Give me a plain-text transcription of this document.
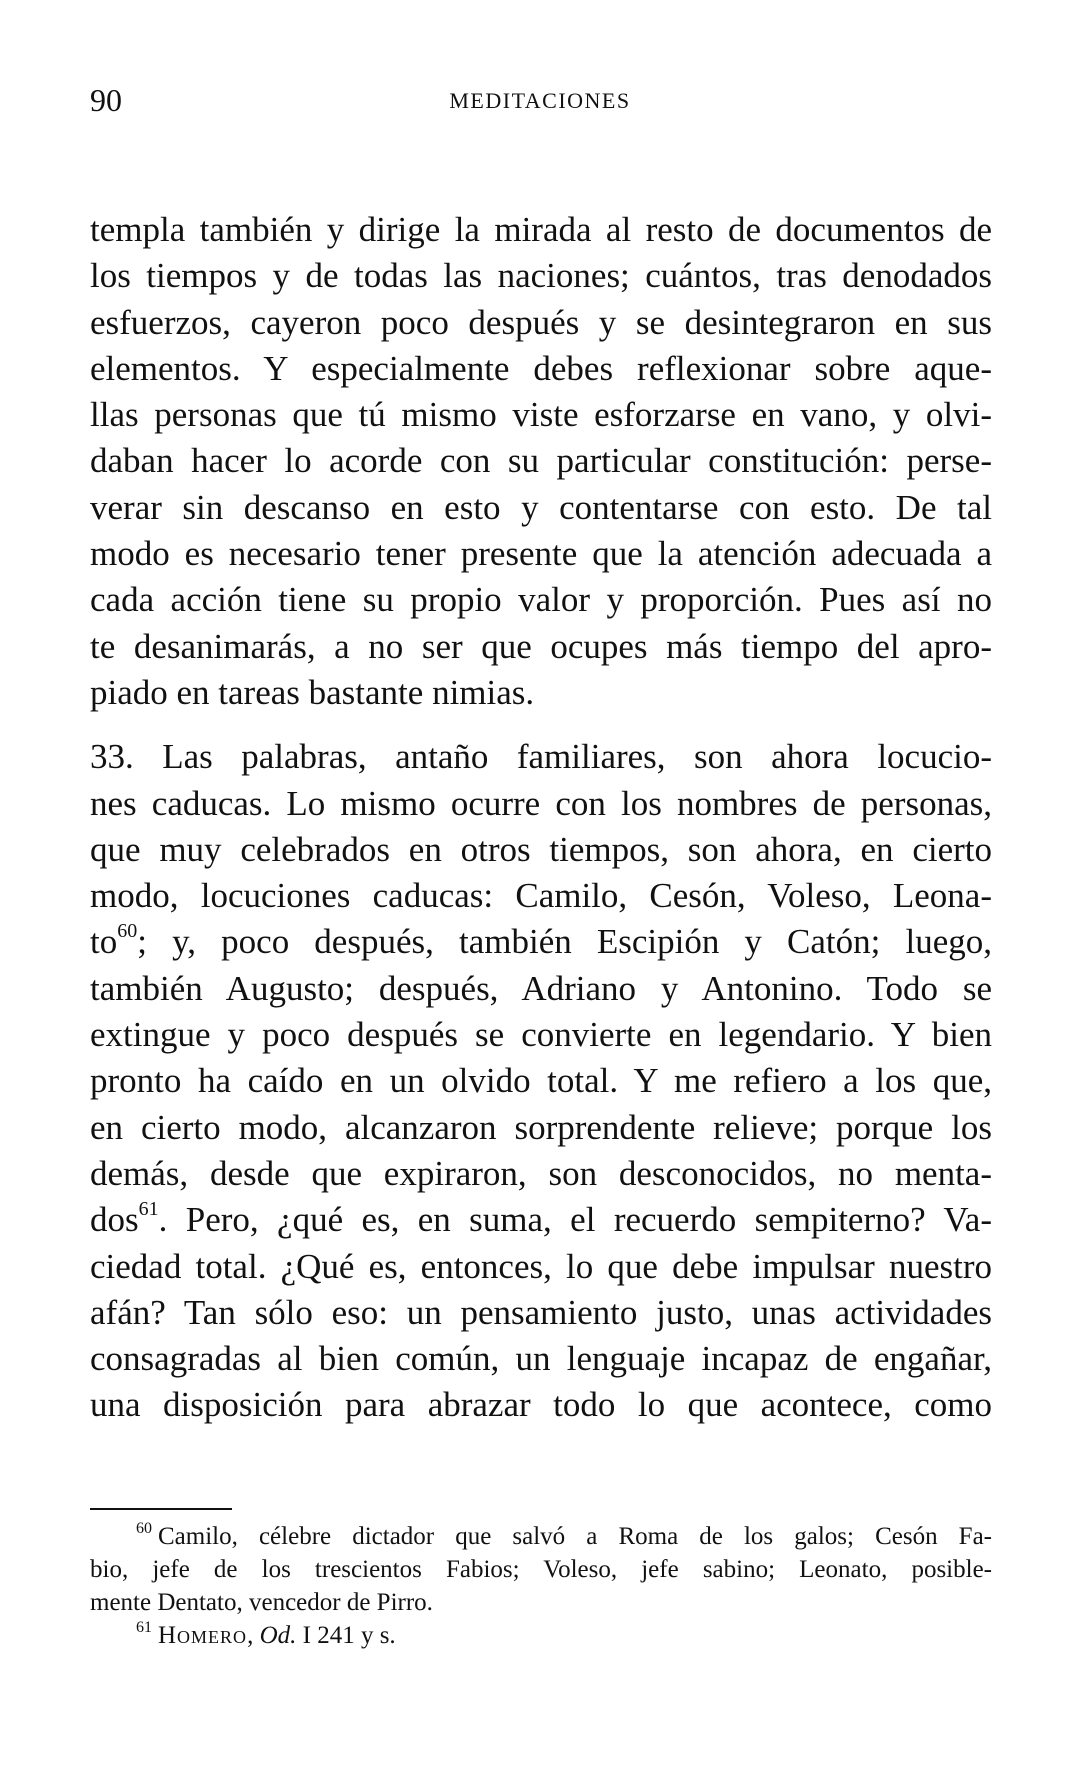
90	MEDITACIONES

templa también y dirige la mirada al resto de documentos de
los tiempos y de todas las naciones; cuántos, tras denodados
esfuerzos, cayeron poco después y se desintegraron en sus
elementos. Y especialmente debes reflexionar sobre aque-
llas personas que tú mismo viste esforzarse en vano, y olvi-
daban hacer lo acorde con su particular constitución: perse-
verar sin descanso en esto y contentarse con esto. De tal
modo es necesario tener presente que la atención adecuada a
cada acción tiene su propio valor y proporción. Pues así no
te desanimarás, a no ser que ocupes más tiempo del apro-
piado en tareas bastante nimias.

33. Las palabras, antaño familiares, son ahora locucio-
nes caducas. Lo mismo ocurre con los nombres de personas,
que muy celebrados en otros tiempos, son ahora, en cierto
modo, locuciones caducas: Camilo, Cesón, Voleso, Leona-
to$^{60}$; y, poco después, también Escipión y Catón; luego,
también Augusto; después, Adriano y Antonino. Todo se
extingue y poco después se convierte en legendario. Y bien
pronto ha caído en un olvido total. Y me refiero a los que,
en cierto modo, alcanzaron sorprendente relieve; porque los
demás, desde que expiraron, son desconocidos, no menta-
dos$^{61}$. Pero, ¿qué es, en suma, el recuerdo sempiterno? Va-
ciedad total. ¿Qué es, entonces, lo que debe impulsar nuestro
afán? Tan sólo eso: un pensamiento justo, unas actividades
consagradas al bien común, un lenguaje incapaz de engañar,
una disposición para abrazar todo lo que acontece, como

$^{60}$ Camilo, célebre dictador que salvó a Roma de los galos; Cesón Fa-
bio, jefe de los trescientos Fabios; Voleso, jefe sabino; Leonato, posible-
mente Dentato, vencedor de Pirro.
$^{61}$ Homero, Od. I 241 y s.
